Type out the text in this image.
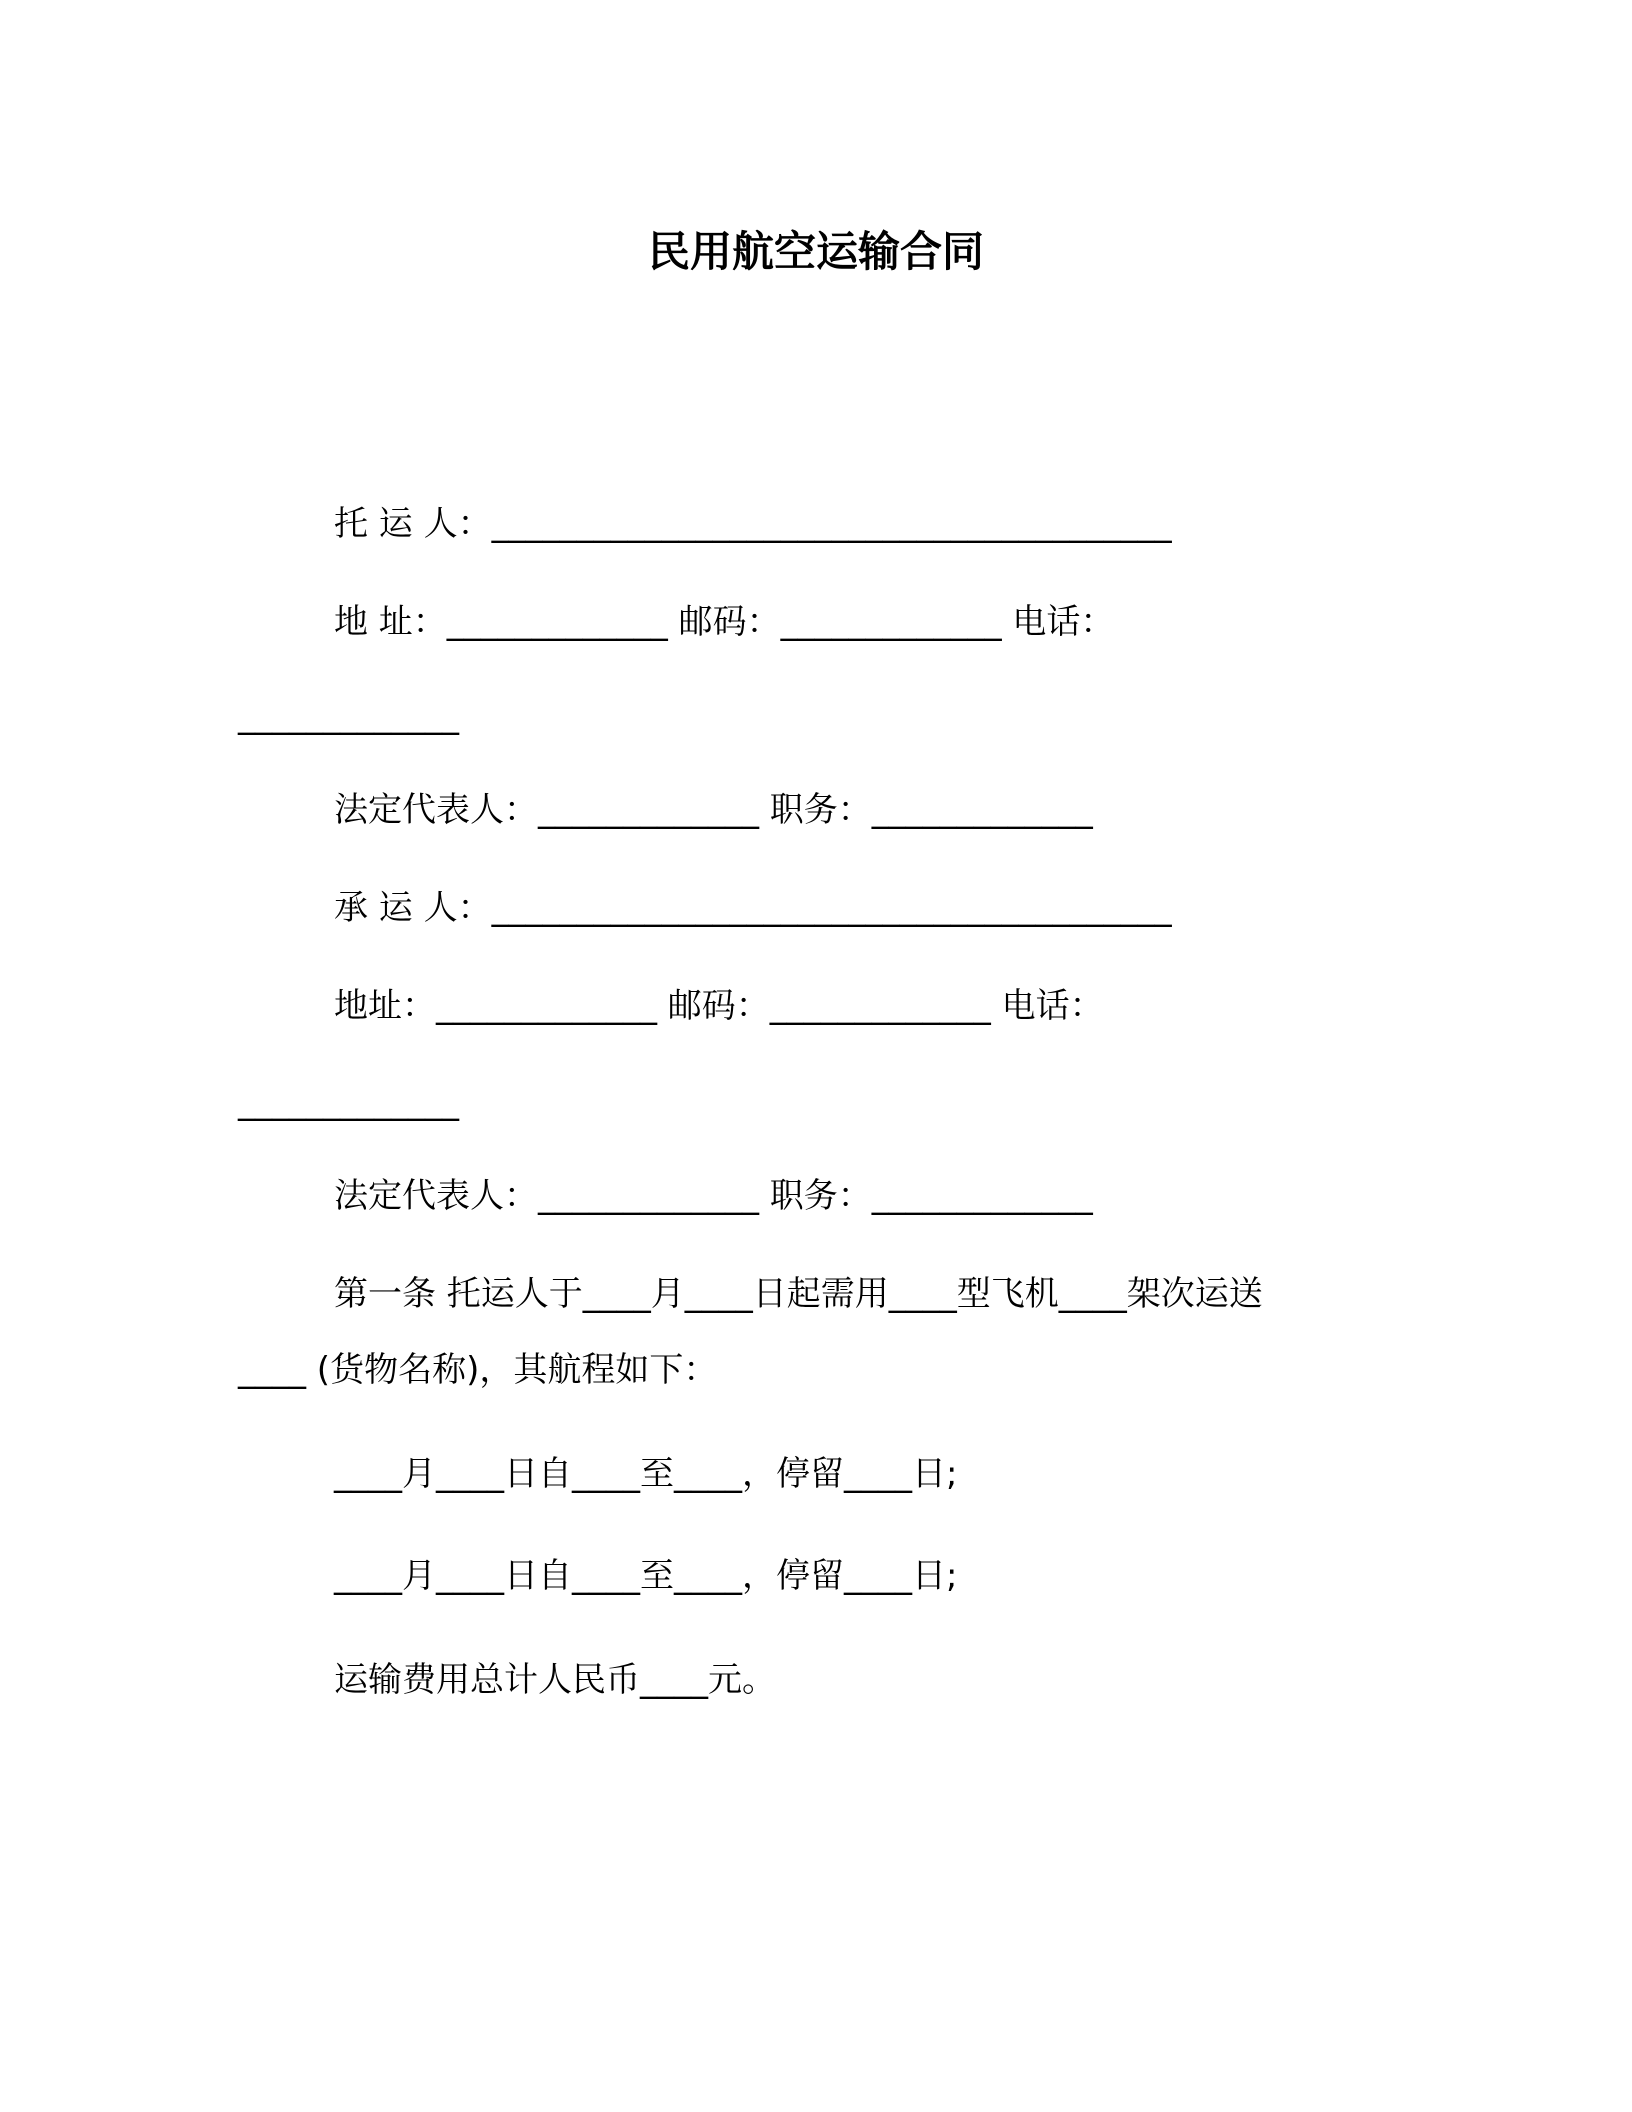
民用航空运输合同
托 运 人：________________________________________
地 址：_____________ 邮码：_____________ 电话：
_____________
法定代表人：_____________ 职务：_____________
承 运 人：________________________________________
地址：_____________ 邮码：_____________ 电话：
_____________
法定代表人：_____________ 职务：_____________
第一条 托运人于____月____日起需用____型飞机____架次运送
____ (货物名称)，其航程如下：
____月____日自____至____，停留____日;
____月____日自____至____，停留____日;
运输费用总计人民币____元。
